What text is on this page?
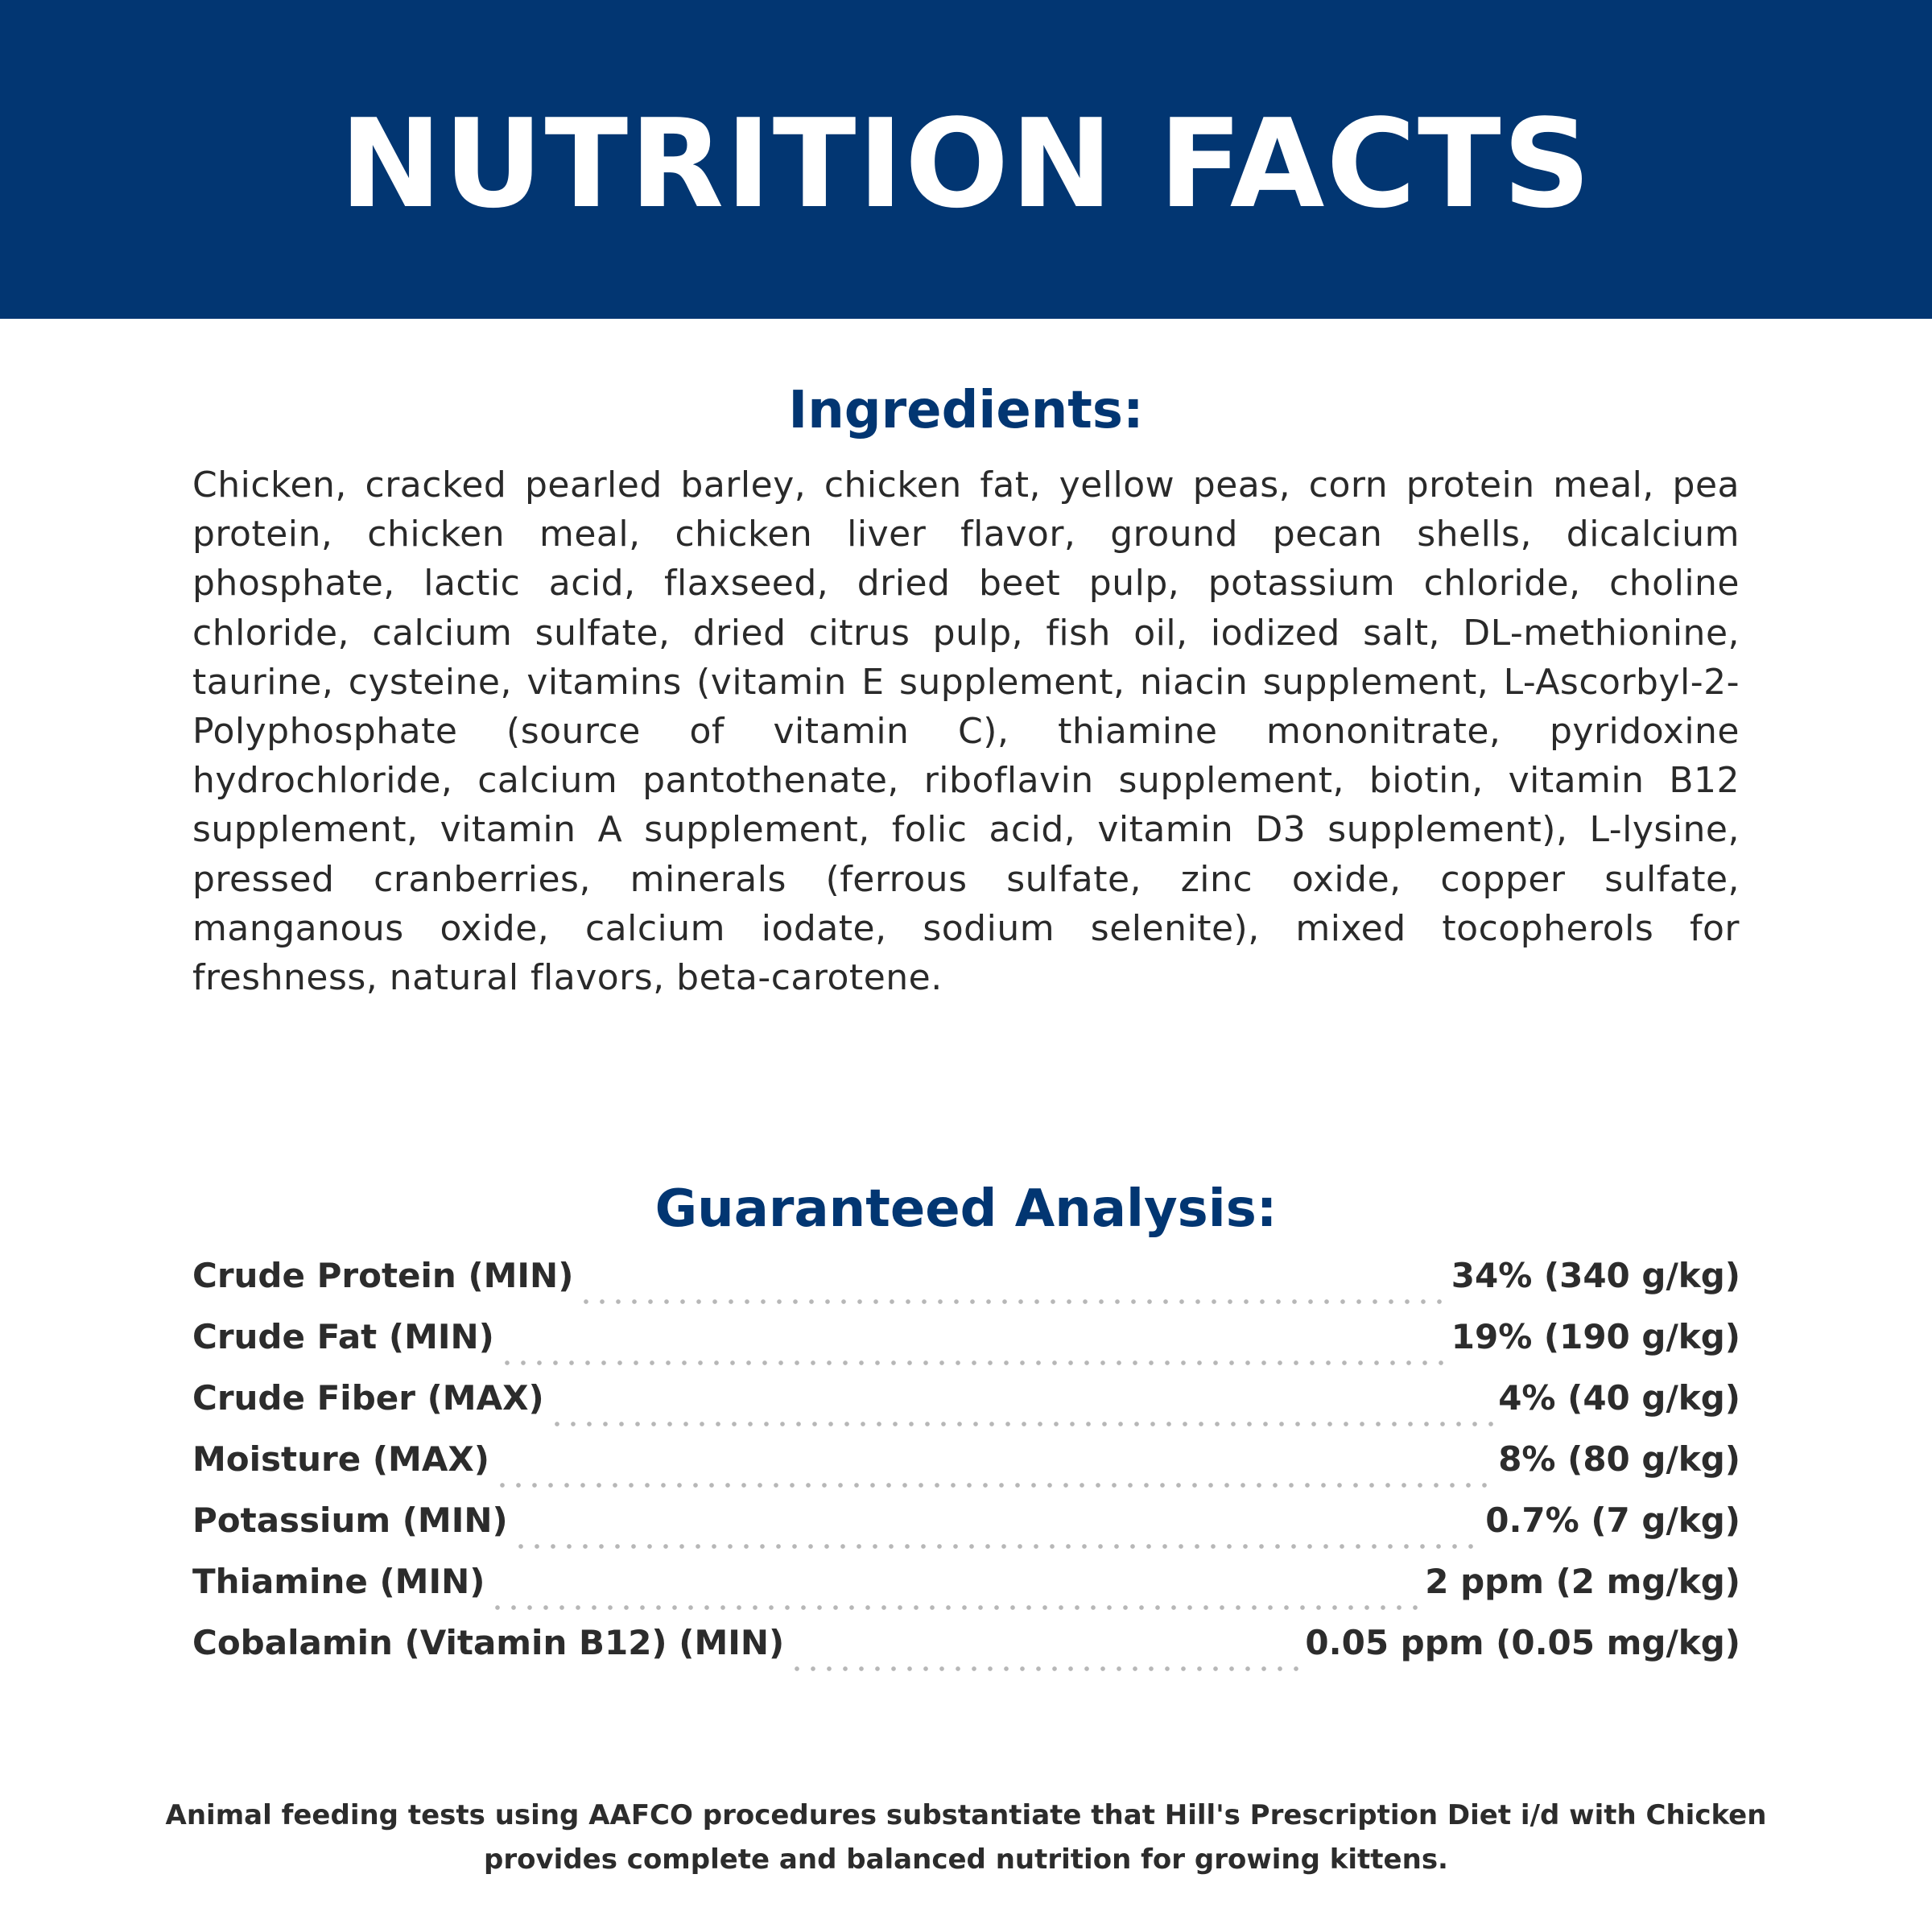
NUTRITION FACTS
Ingredients:
Chicken, cracked pearled barley, chicken fat, yellow peas, corn protein meal, pea protein, chicken meal, chicken liver flavor, ground pecan shells, dicalcium phosphate, lactic acid, flaxseed, dried beet pulp, potassium chloride, choline chloride, calcium sulfate, dried citrus pulp, fish oil, iodized salt, DL-methionine, taurine, cysteine, vitamins (vitamin E supplement, niacin supplement, L-Ascorbyl-2-Polyphosphate (source of vitamin C), thiamine mononitrate, pyridoxine hydrochloride, calcium pantothenate, riboflavin supplement, biotin, vitamin B12 supplement, vitamin A supplement, folic acid, vitamin D3 supplement), L-lysine, pressed cranberries, minerals (ferrous sulfate, zinc oxide, copper sulfate, manganous oxide, calcium iodate, sodium selenite), mixed tocopherols for freshness, natural flavors, beta-carotene.
Guaranteed Analysis:
Crude Protein (MIN)	34% (340 g/kg)
Crude Fat (MIN)	19% (190 g/kg)
Crude Fiber (MAX)	4% (40 g/kg)
Moisture (MAX)	8% (80 g/kg)
Potassium (MIN)	0.7% (7 g/kg)
Thiamine (MIN)	2 ppm (2 mg/kg)
Cobalamin (Vitamin B12) (MIN)	0.05 ppm (0.05 mg/kg)
Animal feeding tests using AAFCO procedures substantiate that Hill's Prescription Diet i/d with Chicken
provides complete and balanced nutrition for growing kittens.
